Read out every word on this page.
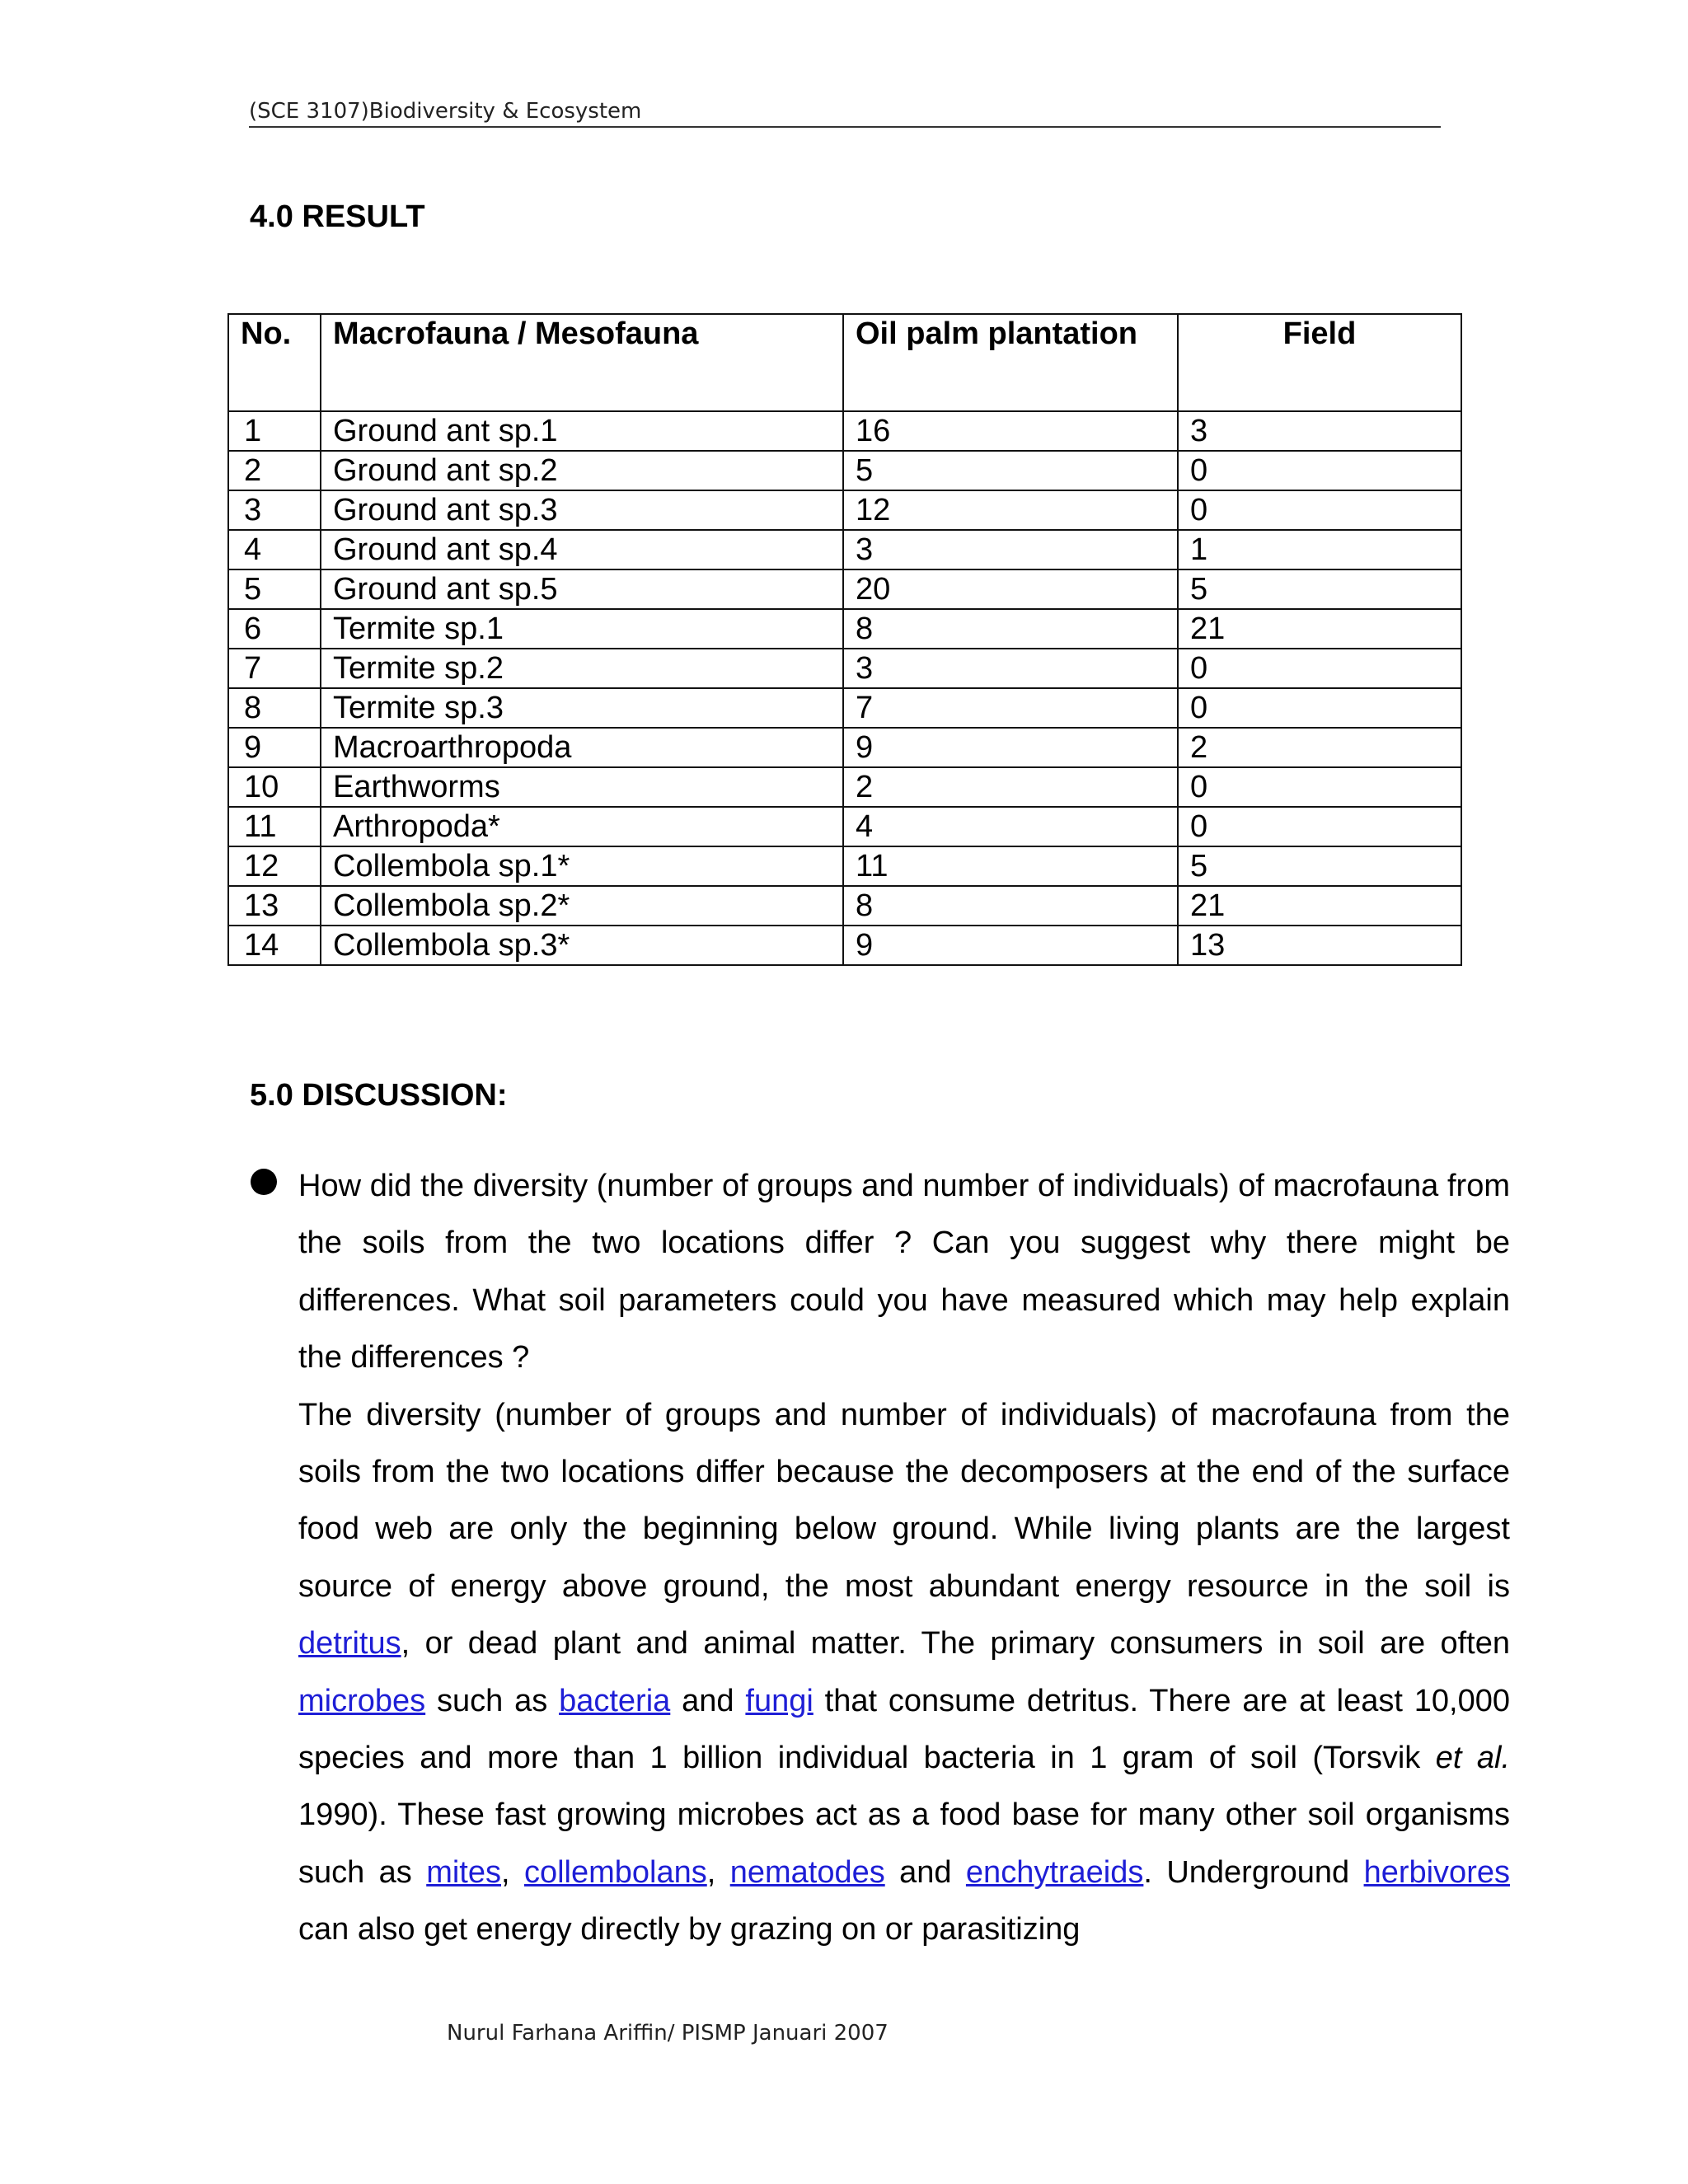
(SCE 3107)Biodiversity & Ecosystem
4.0 RESULT
No.	Macrofauna / Mesofauna	Oil palm plantation	Field
1	Ground ant sp.1	16	3
2	Ground ant sp.2	5	0
3	Ground ant sp.3	12	0
4	Ground ant sp.4	3	1
5	Ground ant sp.5	20	5
6	Termite sp.1	8	21
7	Termite sp.2	3	0
8	Termite sp.3	7	0
9	Macroarthropoda	9	2
10	Earthworms	2	0
11	Arthropoda*	4	0
12	Collembola sp.1*	11	5
13	Collembola sp.2*	8	21
14	Collembola sp.3*	9	13
5.0 DISCUSSION:

How did the diversity (number of groups and number of individuals) of macrofauna from the soils from the two locations differ ? Can you suggest why there might be differences. What soil parameters could you have measured which may help explain the differences ?

The diversity (number of groups and number of individuals) of macrofauna from the soils from the two locations differ because the decomposers at the end of the surface food web are only the beginning below ground. While living plants are the largest source of energy above ground, the most abundant energy resource in the soil is detritus, or dead plant and animal matter. The primary consumers in soil are often microbes such as bacteria and fungi that consume detritus. There are at least 10,000 species and more than 1 billion individual bacteria in 1 gram of soil (Torsvik et al. 1990). These fast growing microbes act as a food base for many other soil organisms such as mites, collembolans, nematodes and enchytraeids. Underground herbivores can also get energy directly by grazing on or parasitizing

Nurul Farhana Ariffin/ PISMP Januari 2007
